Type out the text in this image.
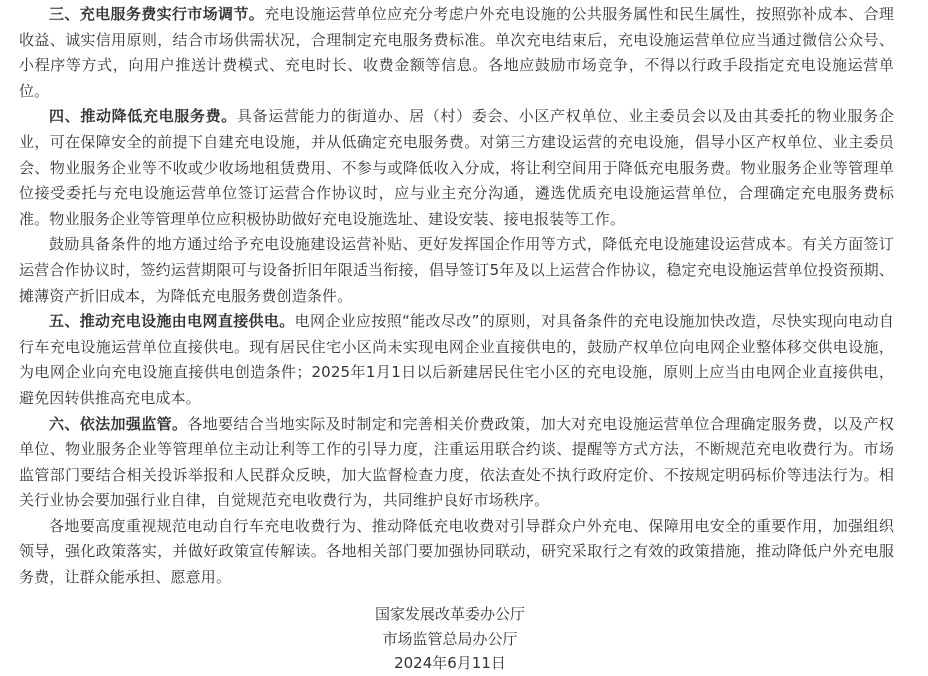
三、充电服务费实行市场调节。充电设施运营单位应充分考虑户外充电设施的公共服务属性和民生属性，按照弥补成本、合理收益、诚实信用原则，结合市场供需状况，合理制定充电服务费标准。单次充电结束后，充电设施运营单位应当通过微信公众号、小程序等方式，向用户推送计费模式、充电时长、收费金额等信息。各地应鼓励市场竞争，不得以行政手段指定充电设施运营单位。

四、推动降低充电服务费。具备运营能力的街道办、居（村）委会、小区产权单位、业主委员会以及由其委托的物业服务企业，可在保障安全的前提下自建充电设施，并从低确定充电服务费。对第三方建设运营的充电设施，倡导小区产权单位、业主委员会、物业服务企业等不收或少收场地租赁费用、不参与或降低收入分成，将让利空间用于降低充电服务费。物业服务企业等管理单位接受委托与充电设施运营单位签订运营合作协议时，应与业主充分沟通，遴选优质充电设施运营单位，合理确定充电服务费标准。物业服务企业等管理单位应积极协助做好充电设施选址、建设安装、接电报装等工作。

鼓励具备条件的地方通过给予充电设施建设运营补贴、更好发挥国企作用等方式，降低充电设施建设运营成本。有关方面签订运营合作协议时，签约运营期限可与设备折旧年限适当衔接，倡导签订5年及以上运营合作协议，稳定充电设施运营单位投资预期、摊薄资产折旧成本，为降低充电服务费创造条件。

五、推动充电设施由电网直接供电。电网企业应按照“能改尽改”的原则，对具备条件的充电设施加快改造，尽快实现向电动自行车充电设施运营单位直接供电。现有居民住宅小区尚未实现电网企业直接供电的，鼓励产权单位向电网企业整体移交供电设施，为电网企业向充电设施直接供电创造条件；2025年1月1日以后新建居民住宅小区的充电设施，原则上应当由电网企业直接供电，避免因转供推高充电成本。

六、依法加强监管。各地要结合当地实际及时制定和完善相关价费政策，加大对充电设施运营单位合理确定服务费，以及产权单位、物业服务企业等管理单位主动让利等工作的引导力度，注重运用联合约谈、提醒等方式方法，不断规范充电收费行为。市场监管部门要结合相关投诉举报和人民群众反映，加大监督检查力度，依法查处不执行政府定价、不按规定明码标价等违法行为。相关行业协会要加强行业自律，自觉规范充电收费行为，共同维护良好市场秩序。

各地要高度重视规范电动自行车充电收费行为、推动降低充电收费对引导群众户外充电、保障用电安全的重要作用，加强组织领导，强化政策落实，并做好政策宣传解读。各地相关部门要加强协同联动，研究采取行之有效的政策措施，推动降低户外充电服务费，让群众能承担、愿意用。

国家发展改革委办公厅
市场监管总局办公厅
2024年6月11日
